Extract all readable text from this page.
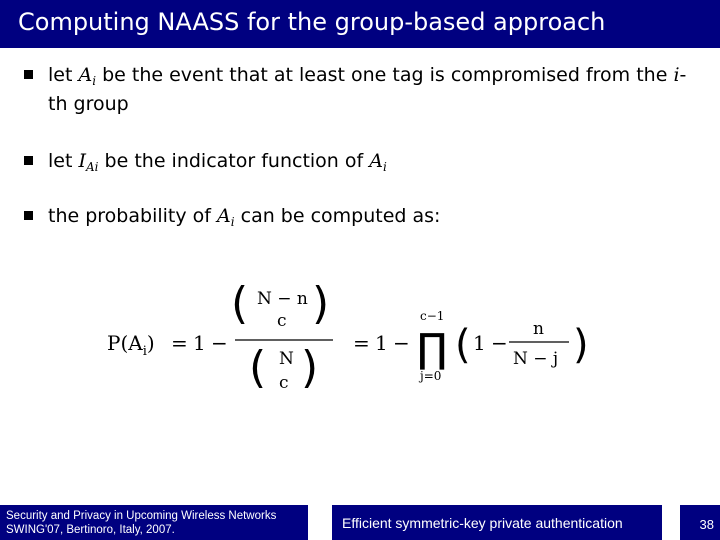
Computing NAASS for the group-based approach
let $A_i$ be the event that at least one tag is compromised from the i-th group
let $I_{Ai}$ be the indicator function of $A_i$
the probability of $A_i$ can be computed as:
$P(A_i) = 1$ −
( N − n
c )
( N
c ) = 1 −
c−1
∏
j=0
( 1 −
n
N − j )
Security and Privacy in Upcoming Wireless Networks
SWING'07, Bertinoro, Italy, 2007.	Efficient symmetric-key private authentication	38
